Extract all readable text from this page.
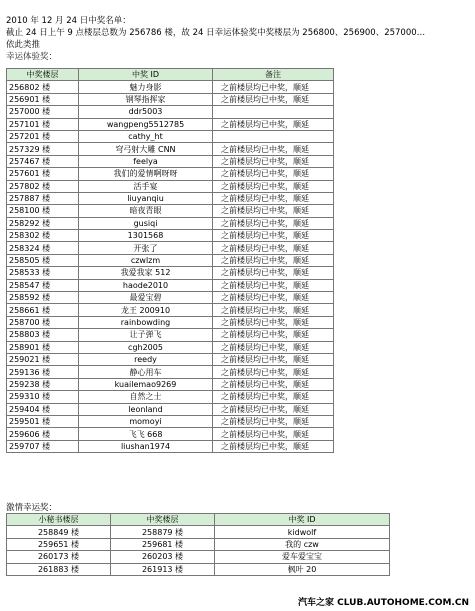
2010 年 12 月 24 日中奖名单：
截止 24 日上午 9 点楼层总数为 256786 楼，故 24 日幸运体验奖中奖楼层为 256800、256900、257000…
依此类推
幸运体验奖：
中奖楼层	中奖 ID	备注
256802 楼	魅力身影	之前楼层均已中奖，顺延
256901 楼	钢琴指挥家	之前楼层均已中奖，顺延
257000 楼	ddr5003	
257101 楼	wangpeng5512785	之前楼层均已中奖，顺延
257201 楼	cathy_ht	
257329 楼	穹弓射大雕 CNN	之前楼层均已中奖，顺延
257467 楼	feelya	之前楼层均已中奖，顺延
257601 楼	我们的爱情啊呀呀	之前楼层均已中奖，顺延
257802 楼	活手宴	之前楼层均已中奖，顺延
257887 楼	liuyanqiu	之前楼层均已中奖，顺延
258100 楼	暗夜青眼	之前楼层均已中奖，顺延
258292 楼	gusiqi	之前楼层均已中奖，顺延
258302 楼	1301568	之前楼层均已中奖，顺延
258324 楼	开张了	之前楼层均已中奖，顺延
258505 楼	czwlzm	之前楼层均已中奖，顺延
258533 楼	我爱我家 512	之前楼层均已中奖，顺延
258547 楼	haode2010	之前楼层均已中奖，顺延
258592 楼	最爱宝碧	之前楼层均已中奖，顺延
258661 楼	龙王 200910	之前楼层均已中奖，顺延
258700 楼	rainbowding	之前楼层均已中奖，顺延
258803 楼	让子弹飞	之前楼层均已中奖，顺延
258901 楼	cgh2005	之前楼层均已中奖，顺延
259021 楼	reedy	之前楼层均已中奖，顺延
259136 楼	静心用车	之前楼层均已中奖，顺延
259238 楼	kuailemao9269	之前楼层均已中奖，顺延
259310 楼	自然之士	之前楼层均已中奖，顺延
259404 楼	leonland	之前楼层均已中奖，顺延
259501 楼	momoyi	之前楼层均已中奖，顺延
259606 楼	飞飞 668	之前楼层均已中奖，顺延
259707 楼	liushan1974	之前楼层均已中奖，顺延
激情幸运奖：
小秘书楼层	中奖楼层	中奖 ID
258849 楼	258879 楼	kidwolf
259651 楼	259681 楼	我的 czw
260173 楼	260203 楼	爱车爱宝宝
261883 楼	261913 楼	枫叶 20
汽车之家 CLUB.AUTOHOME.COM.CN
